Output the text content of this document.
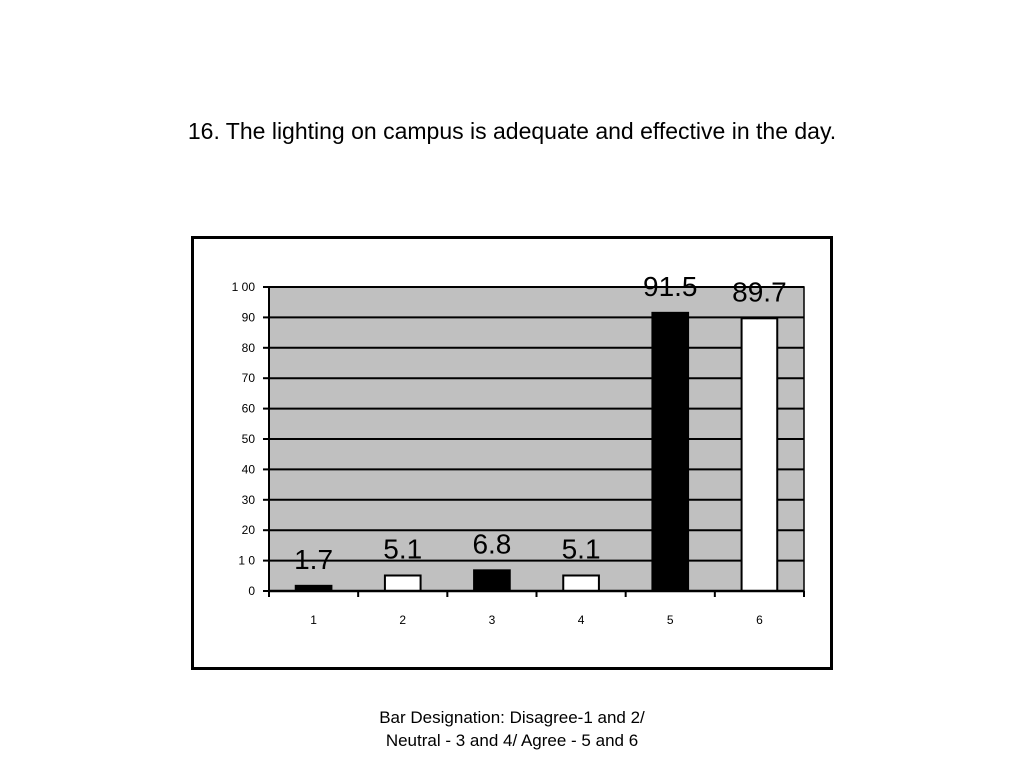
16. The lighting on campus is adequate and effective in the day.
0
1 0
20
30
40
50
60
70
80
90
1 00
1
1.7
2
5.1
3
6.8
4
5.1
5
91.5
6
89.7

Bar Designation: Disagree-1 and 2/ Neutral - 3 and 4/ Agree - 5 and 6
